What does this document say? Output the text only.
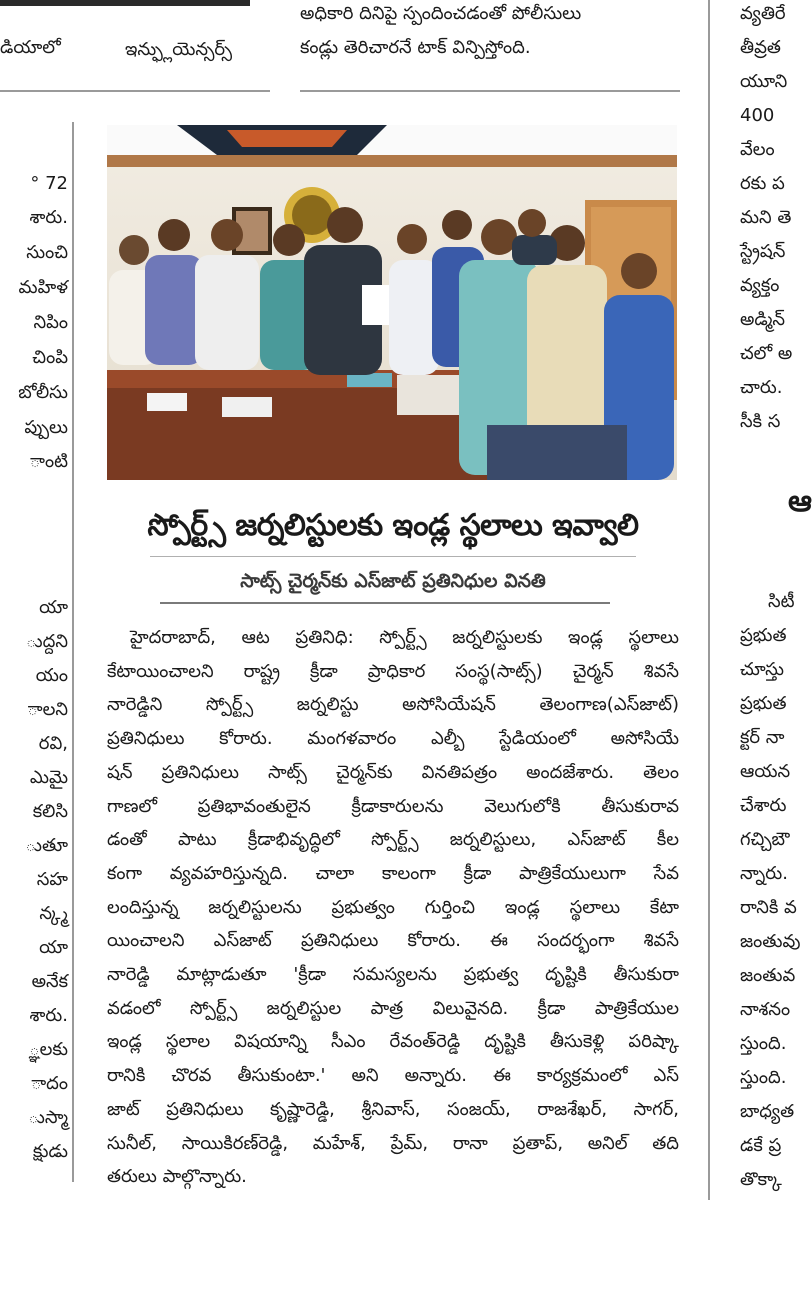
డియాలో	ఇన్ఫ్లుయెన్సర్స్
అధికారి దినిపై స్పందించడంతో పోలీసులు
కండ్లు తెరిచారనే టాక్ విన్పిస్తోంది.
° 72
శారు.
సుంచి
మహిళ
నిపిం
చింపి
బోలీసు
ప్పులు
ాంటి
యా
ుద్దని
యం
ాలని
రవి,
ఎుమై
కలిసి
ుతూ
సహ
న్క్మ
యా
అనేక
శారు.
్ఞలకు
ాదం
ుస్మా
క్షుడు
వ్యతిరే
తీవ్రత
యూని
400
వేలం
రకు ప
మని తె
స్ట్రేషన్
వ్యక్తం
అడ్మిన్
చలో అ
చారు.
సీకి స
ఆ
సిటీ
ప్రభుత
చూస్తు
ప్రభుత
క్టర్ నా
ఆయన
చేశారు
గచ్చిబౌ
న్నారు.
రానికి వ
జంతువు
జంతువ
నాశనం
స్తుంది.
స్తుంది.
బాధ్యత
డకే ప్ర
తొక్కా
స్పోర్ట్స్ జర్నలిస్టులకు ఇండ్ల స్థలాలు ఇవ్వాలి
సాట్స్ చైర్మన్‌కు ఎస్‌జాట్ ప్రతినిధుల వినతి
హైదరాబాద్, ఆట ప్రతినిధి: స్పోర్ట్స్ జర్నలిస్టులకు ఇండ్ల స్థలాలు
కేటాయించాలని రాష్ట్ర క్రీడా ప్రాధికార సంస్థ(సాట్స్) చైర్మన్ శివసే
నారెడ్డిని స్పోర్ట్స్ జర్నలిస్టు అసోసియేషన్ తెలంగాణ(ఎస్‌జాట్)
ప్రతినిధులు కోరారు. మంగళవారం ఎల్బీ స్టేడియంలో అసోసియే
షన్ ప్రతినిధులు సాట్స్ చైర్మన్‌కు వినతిపత్రం అందజేశారు. తెలం
గాణలో ప్రతిభావంతులైన క్రీడాకారులను వెలుగులోకి తీసుకురావ
డంతో పాటు క్రీడాభివృద్ధిలో స్పోర్ట్స్ జర్నలిస్టులు, ఎస్‌జాట్ కీల
కంగా వ్యవహరిస్తున్నది. చాలా కాలంగా క్రీడా పాత్రికేయులుగా సేవ
లందిస్తున్న జర్నలిస్టులను ప్రభుత్వం గుర్తించి ఇండ్ల స్థలాలు కేటా
యించాలని ఎస్‌జాట్ ప్రతినిధులు కోరారు. ఈ సందర్భంగా శివసే
నారెడ్డి మాట్లాడుతూ 'క్రీడా సమస్యలను ప్రభుత్వ దృష్టికి తీసుకురా
వడంలో స్పోర్ట్స్ జర్నలిస్టుల పాత్ర విలువైనది. క్రీడా పాత్రికేయుల
ఇండ్ల స్థలాల విషయాన్ని సీఎం రేవంత్‌రెడ్డి దృష్టికి తీసుకెళ్లి పరిష్కా
రానికి చొరవ తీసుకుంటా.' అని అన్నారు. ఈ కార్యక్రమంలో ఎస్
జాట్ ప్రతినిధులు కృష్ణారెడ్డి, శ్రీనివాస్, సంజయ్, రాజశేఖర్, సాగర్,
సునీల్, సాయికిరణ్‌రెడ్డి, మహేశ్, ప్రేమ్, రానా ప్రతాప్, అనిల్ తది
తరులు పాల్గొన్నారు.
